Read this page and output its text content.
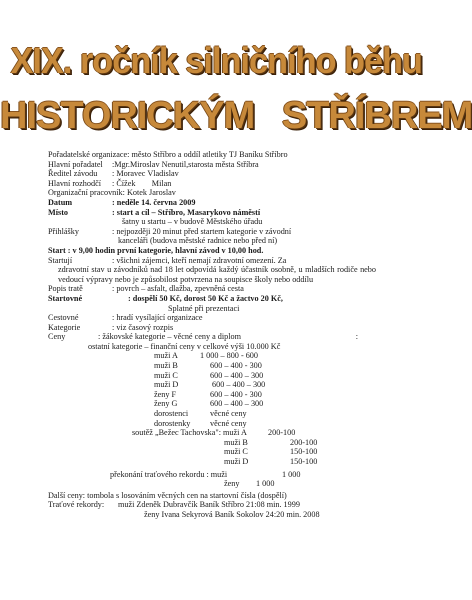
XIX. ročník silničního běhu
HISTORICKÝM STŘÍBREM
Pořadatelské organizace: město Stříbro a oddíl atletiky TJ Baníku Stříbro
Hlavní pořadatel	:Mgr.Miroslav Nenutil,starosta města Stříbra
Ředitel závodu	: Moravec Vladislav
Hlavní rozhodčí	: Čížek        Milan
Organizační pracovník: Kotek Jaroslav
Datum	: neděle 14. června 2009
Místo	: start a cíl – Stříbro, Masarykovo náměstí
šatny u startu – v budově Městského úřadu
Přihlášky	: nejpozději 20 minut před startem kategorie v závodní
kanceláři (budova městské radnice nebo před ní)
Start : v 9,00 hodin první kategorie, hlavní závod v 10,00 hod.
Startují	: všichni zájemci, kteří nemají zdravotní omezení. Za
zdravotní stav u závodníků nad 18 let odpovídá každý účastník osobně, u mladších rodiče nebo vedoucí výpravy nebo je způsobilost potvrzena na soupisce školy nebo oddílu
Popis tratě	: povrch – asfalt, dlažba, zpevněná cesta
Startovné	: dospělí 50 Kč, dorost 50 Kč a žactvo 20 Kč,
Splatné při prezentaci
Cestovné	: hradí vysílající organizace
Kategorie	: viz časový rozpis
Ceny	: žákovské kategorie – věcné ceny a diplom	:
ostatní kategorie – finanční ceny v celkové výši 10.000 Kč
muži A	1 000 – 800 - 600
muži B	600 – 400 - 300
muži C	600 – 400 – 300
muži D	600 – 400 – 300
ženy F	600 – 400 - 300
ženy G	600 – 400 – 300
dorostenci	věcné ceny
dorostenky	věcné ceny
soutěž „Bežec Tachovska": muži A	200-100
muži B	200-100
muži C	150-100
muži D	150-100
překonání traťového rekordu : muži	1 000
ženy	1 000
Další ceny: tombola s losováním věcných cen na startovní čísla (dospělí)
Traťové rekordy:	muži Zdeněk Dubravčík Baník Stříbro 21:08 min. 1999
ženy Ivana Sekyrová Baník Sokolov 24:20 min. 2008
